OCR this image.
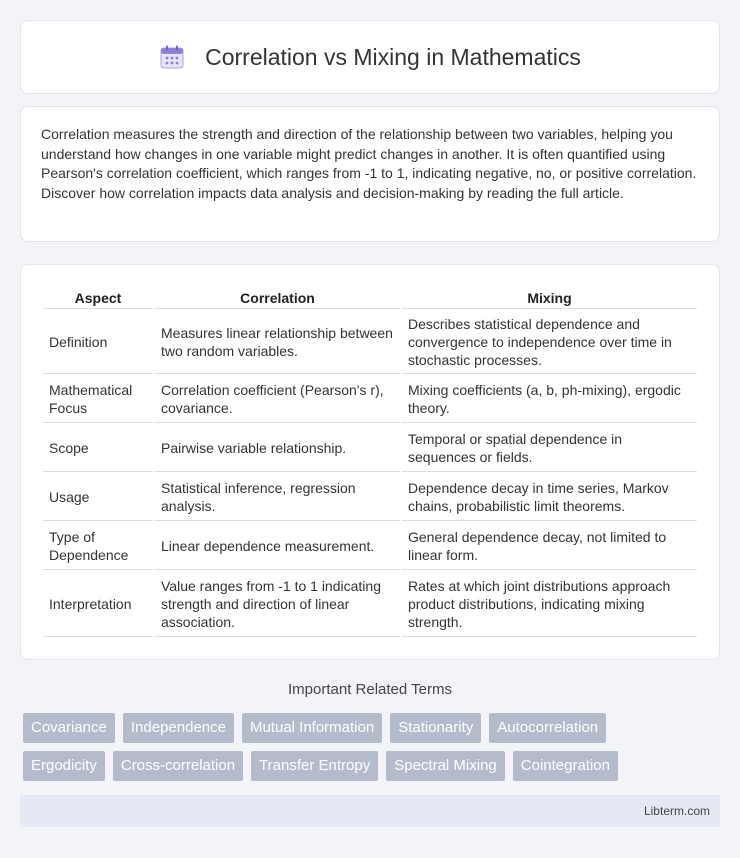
Correlation vs Mixing in Mathematics

Correlation measures the strength and direction of the relationship between two variables, helping you understand how changes in one variable might predict changes in another. It is often quantified using Pearson's correlation coefficient, which ranges from -1 to 1, indicating negative, no, or positive correlation. Discover how correlation impacts data analysis and decision-making by reading the full article.

Aspect	Correlation	Mixing
Definition	Measures linear relationship between two random variables.	Describes statistical dependence and convergence to independence over time in stochastic processes.
Mathematical Focus	Correlation coefficient (Pearson's r), covariance.	Mixing coefficients (a, b, ph-mixing), ergodic theory.
Scope	Pairwise variable relationship.	Temporal or spatial dependence in sequences or fields.
Usage	Statistical inference, regression analysis.	Dependence decay in time series, Markov chains, probabilistic limit theorems.
Type of Dependence	Linear dependence measurement.	General dependence decay, not limited to linear form.
Interpretation	Value ranges from -1 to 1 indicating strength and direction of linear association.	Rates at which joint distributions approach product distributions, indicating mixing strength.
Important Related Terms
Covariance	Independence	Mutual Information	Stationarity	Autocorrelation
Ergodicity	Cross-correlation	Transfer Entropy	Spectral Mixing	Cointegration
Libterm.com
